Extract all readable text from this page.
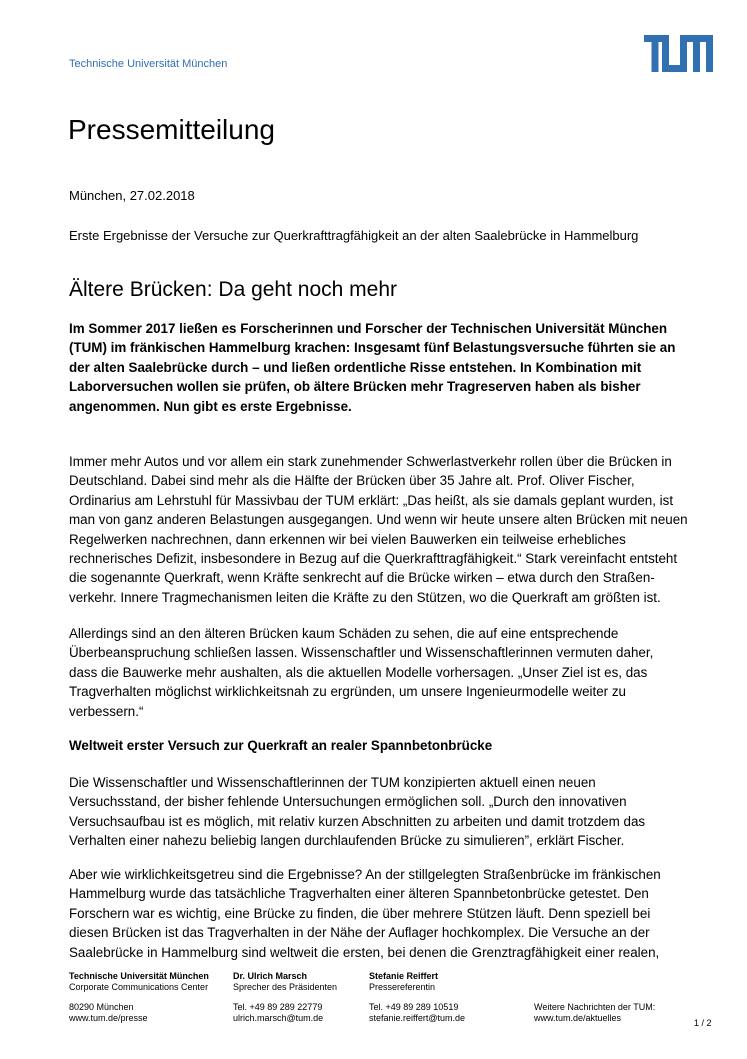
Technische Universität München
Pressemitteilung
München, 27.02.2018
Erste Ergebnisse der Versuche zur Querkrafttragfähigkeit an der alten Saalebrücke in Hammelburg
Ältere Brücken: Da geht noch mehr
Im Sommer 2017 ließen es Forscherinnen und Forscher der Technischen Universität München
(TUM) im fränkischen Hammelburg krachen: Insgesamt fünf Belastungsversuche führten sie an
der alten Saalebrücke durch – und ließen ordentliche Risse entstehen. In Kombination mit
Laborversuchen wollen sie prüfen, ob ältere Brücken mehr Tragreserven haben als bisher
angenommen. Nun gibt es erste Ergebnisse.
Immer mehr Autos und vor allem ein stark zunehmender Schwerlastverkehr rollen über die Brücken in
Deutschland. Dabei sind mehr als die Hälfte der Brücken über 35 Jahre alt. Prof. Oliver Fischer,
Ordinarius am Lehrstuhl für Massivbau der TUM erklärt: „Das heißt, als sie damals geplant wurden, ist
man von ganz anderen Belastungen ausgegangen. Und wenn wir heute unsere alten Brücken mit neuen
Regelwerken nachrechnen, dann erkennen wir bei vielen Bauwerken ein teilweise erhebliches
rechnerisches Defizit, insbesondere in Bezug auf die Querkrafttragfähigkeit.“ Stark vereinfacht entsteht
die sogenannte Querkraft, wenn Kräfte senkrecht auf die Brücke wirken – etwa durch den Straßen-
verkehr. Innere Tragmechanismen leiten die Kräfte zu den Stützen, wo die Querkraft am größten ist.
Allerdings sind an den älteren Brücken kaum Schäden zu sehen, die auf eine entsprechende
Überbeanspruchung schließen lassen. Wissenschaftler und Wissenschaftlerinnen vermuten daher,
dass die Bauwerke mehr aushalten, als die aktuellen Modelle vorhersagen. „Unser Ziel ist es, das
Tragverhalten möglichst wirklichkeitsnah zu ergründen, um unsere Ingenieurmodelle weiter zu
verbessern.“
Weltweit erster Versuch zur Querkraft an realer Spannbetonbrücke
Die Wissenschaftler und Wissenschaftlerinnen der TUM konzipierten aktuell einen neuen
Versuchsstand, der bisher fehlende Untersuchungen ermöglichen soll. „Durch den innovativen
Versuchsaufbau ist es möglich, mit relativ kurzen Abschnitten zu arbeiten und damit trotzdem das
Verhalten einer nahezu beliebig langen durchlaufenden Brücke zu simulieren”, erklärt Fischer.
Aber wie wirklichkeitsgetreu sind die Ergebnisse? An der stillgelegten Straßenbrücke im fränkischen
Hammelburg wurde das tatsächliche Tragverhalten einer älteren Spannbetonbrücke getestet. Den
Forschern war es wichtig, eine Brücke zu finden, die über mehrere Stützen läuft. Denn speziell bei
diesen Brücken ist das Tragverhalten in der Nähe der Auflager hochkomplex. Die Versuche an der
Saalebrücke in Hammelburg sind weltweit die ersten, bei denen die Grenztragfähigkeit einer realen,
Technische Universität München
Corporate Communications Center
80290 München
www.tum.de/presse
Dr. Ulrich Marsch
Sprecher des Präsidenten
Tel. +49 89 289 22779
ulrich.marsch@tum.de
Stefanie Reiffert
Pressereferentin
Tel. +49 89 289 10519
stefanie.reiffert@tum.de
Weitere Nachrichten der TUM:
www.tum.de/aktuelles
1 / 2
